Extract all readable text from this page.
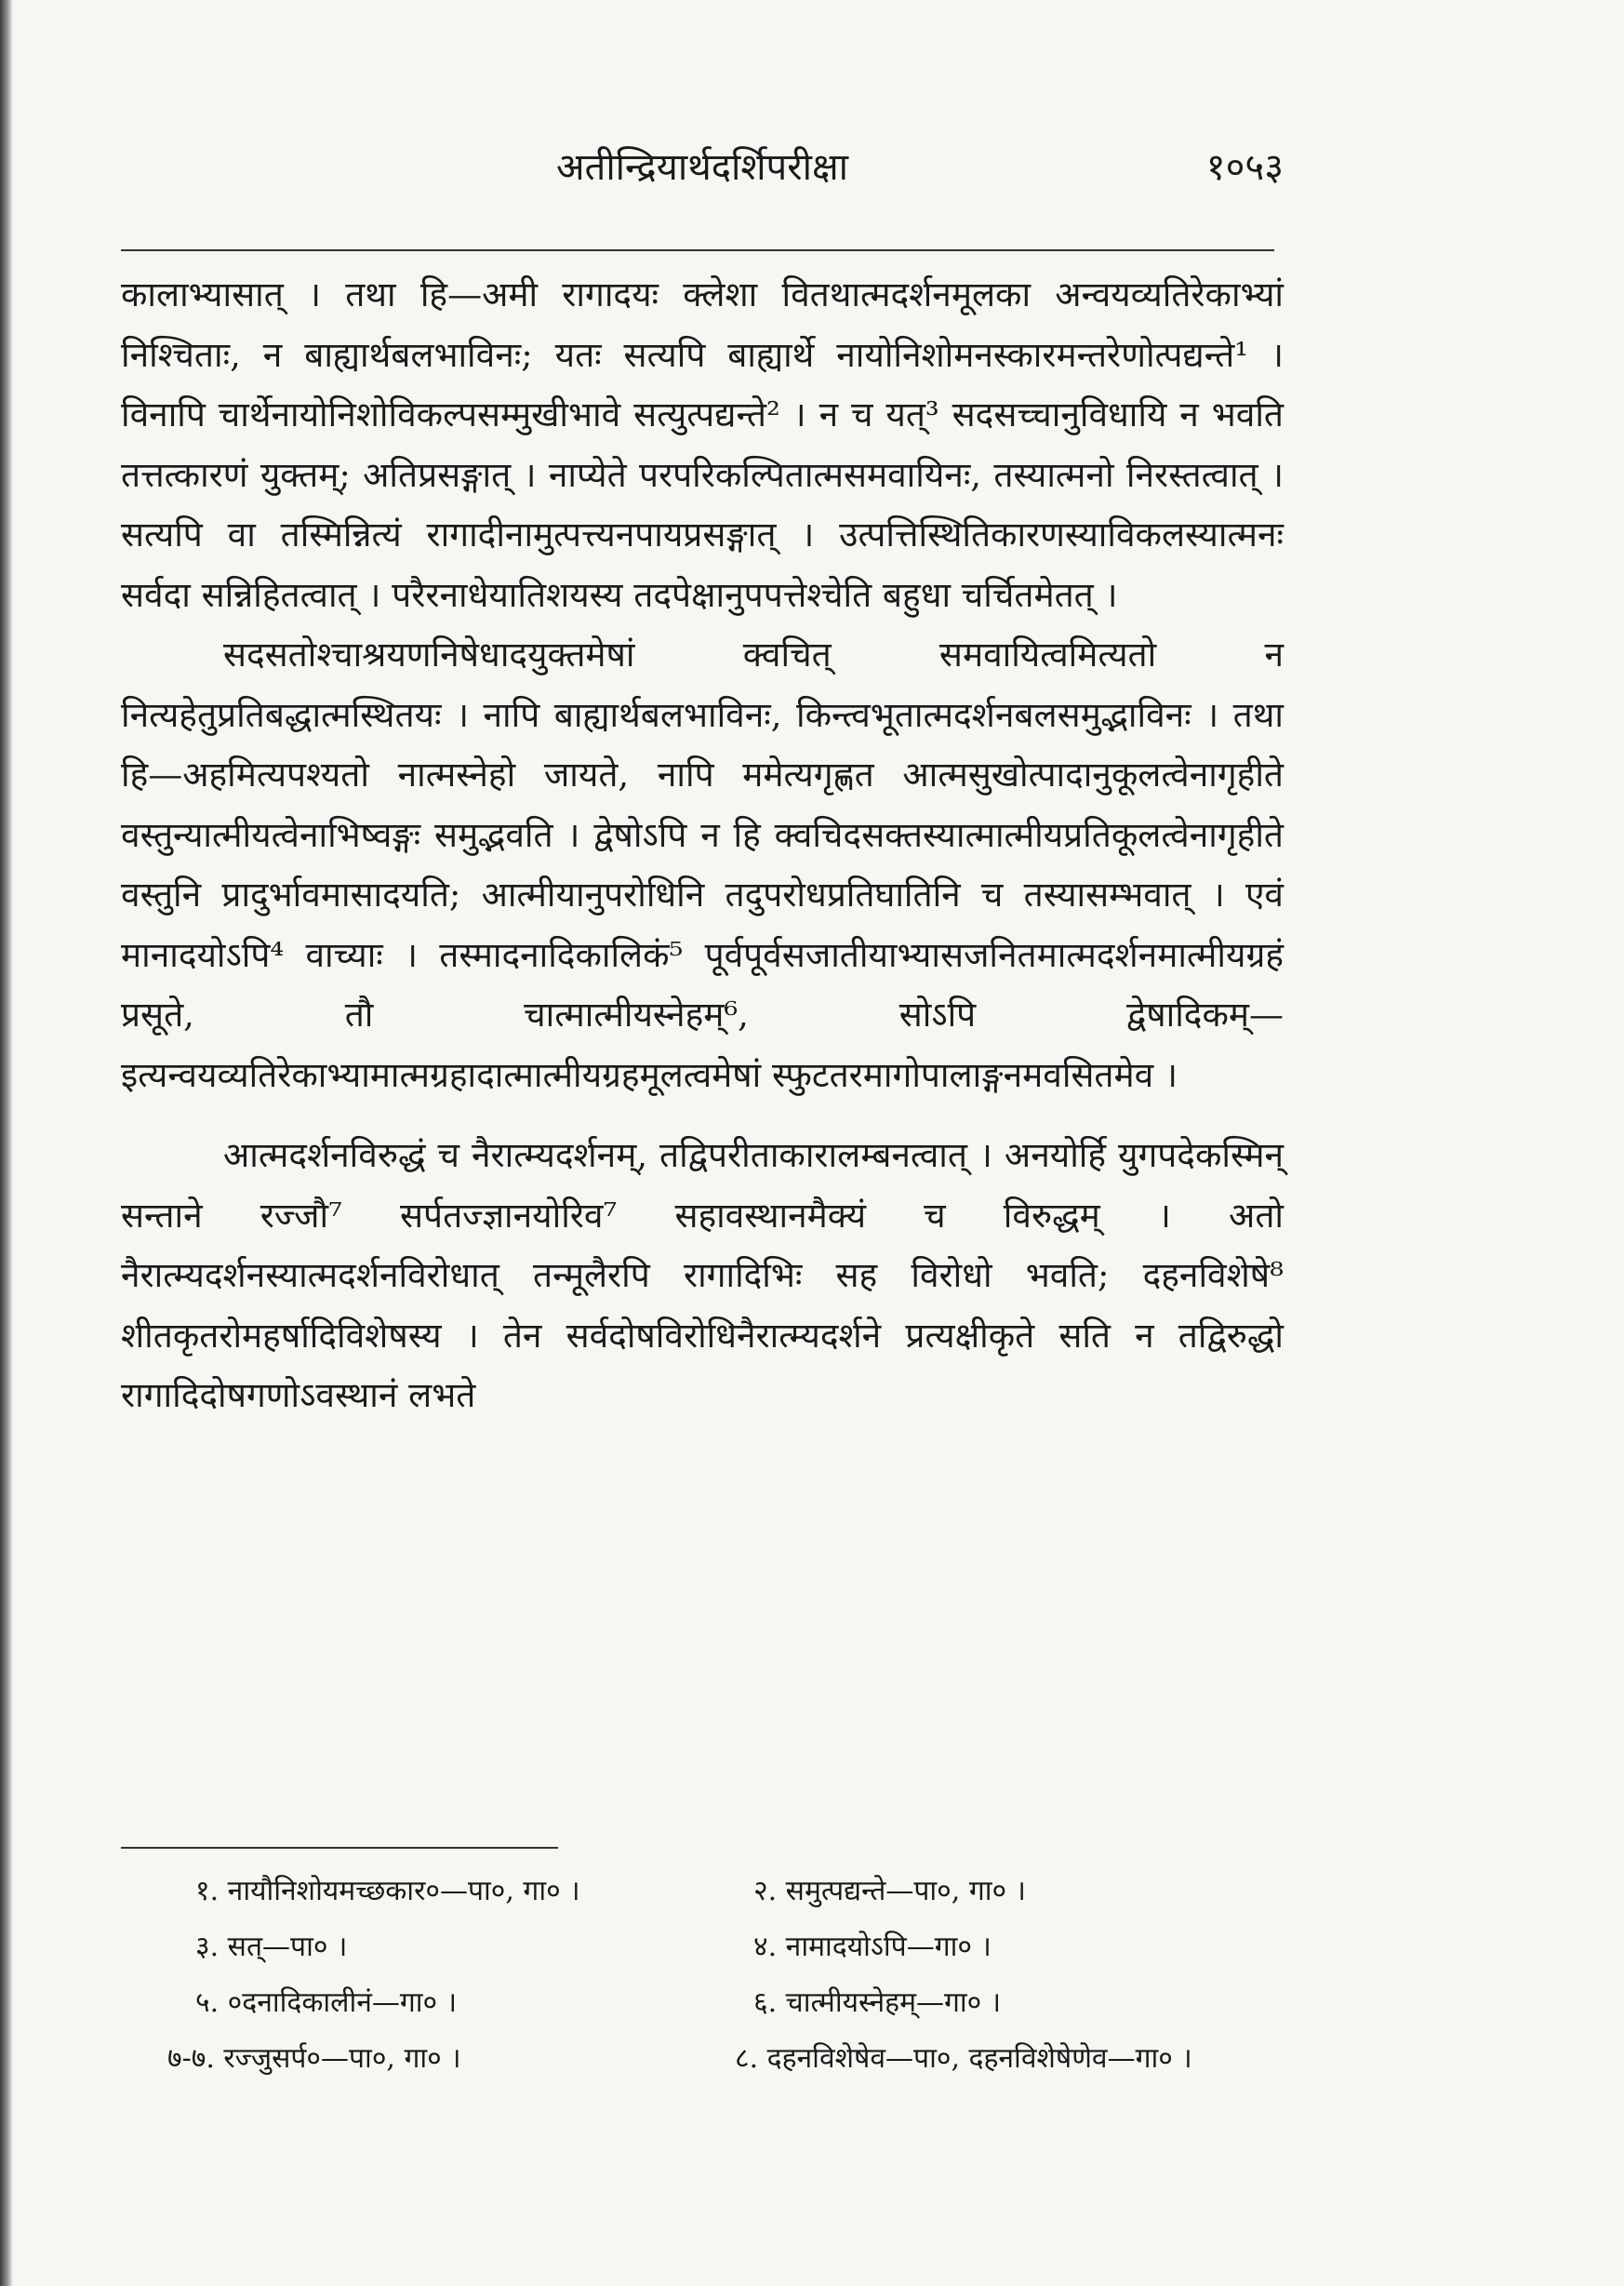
अतीन्द्रियार्थदर्शिपरीक्षा	१०५३

कालाभ्यासात् । तथा हि—अमी रागादयः क्लेशा वितथात्मदर्शनमूलका अन्वयव्यतिरेकाभ्यां निश्चिताः, न बाह्यार्थबलभाविनः; यतः सत्यपि बाह्यार्थे नायोनिशोमनस्कारमन्तरेणोत्पद्यन्ते¹ । विनापि चार्थेनायोनिशोविकल्पसम्मुखीभावे सत्युत्पद्यन्ते² । न च यत्³ सदसच्चानुविधायि न भवति तत्तत्कारणं युक्तम्; अतिप्रसङ्गात् । नाप्येते परपरिकल्पितात्मसमवायिनः, तस्यात्मनो निरस्तत्वात् । सत्यपि वा तस्मिन्नित्यं रागादीनामुत्पत्त्यनपायप्रसङ्गात् । उत्पत्तिस्थितिकारणस्याविकलस्यात्मनः सर्वदा सन्निहितत्वात् । परैरनाधेयातिशयस्य तदपेक्षानुपपत्तेश्चेति बहुधा चर्चितमेतत् ।

सदसतोश्चाश्रयणनिषेधादयुक्तमेषां क्वचित् समवायित्वमित्यतो न नित्यहेतुप्रतिबद्धात्मस्थितयः । नापि बाह्यार्थबलभाविनः, किन्त्वभूतात्मदर्शनबलसमुद्भाविनः । तथा हि—अहमित्यपश्यतो नात्मस्नेहो जायते, नापि ममेत्यगृह्णत आत्मसुखोत्पादानुकूलत्वेनागृहीते वस्तुन्यात्मीयत्वेनाभिष्वङ्गः समुद्भवति । द्वेषोऽपि न हि क्वचिदसक्तस्यात्मात्मीयप्रतिकूलत्वेनागृहीते वस्तुनि प्रादुर्भावमासादयति; आत्मीयानुपरोधिनि तदुपरोधप्रतिघातिनि च तस्यासम्भवात् । एवं मानादयोऽपि⁴ वाच्याः । तस्मादनादिकालिकं⁵ पूर्वपूर्वसजातीयाभ्यासजनितमात्मदर्शनमात्मीयग्रहं प्रसूते, तौ चात्मात्मीयस्नेहम्⁶, सोऽपि द्वेषादिकम्—इत्यन्वयव्यतिरेकाभ्यामात्मग्रहादात्मात्मीयग्रहमूलत्वमेषां स्फुटतरमागोपालाङ्गनमवसितमेव ।

आत्मदर्शनविरुद्धं च नैरात्म्यदर्शनम्, तद्विपरीताकारालम्बनत्वात् । अनयोर्हि युगपदेकस्मिन् सन्ताने रज्जौ⁷ सर्पतज्ज्ञानयोरिव⁷ सहावस्थानमैक्यं च विरुद्धम् । अतो नैरात्म्यदर्शनस्यात्मदर्शनविरोधात् तन्मूलैरपि रागादिभिः सह विरोधो भवति; दहनविशेषे⁸ शीतकृतरोमहर्षादिविशेषस्य । तेन सर्वदोषविरोधिनैरात्म्यदर्शने प्रत्यक्षीकृते सति न तद्विरुद्धो रागादिदोषगणोऽवस्थानं लभते

१. नायौनिशोयमच्छकार०—पा०, गा० ।	२. समुत्पद्यन्ते—पा०, गा० ।
३. सत्—पा० ।	४. नामादयोऽपि—गा० ।
५. ०दनादिकालीनं—गा० ।	६. चात्मीयस्नेहम्—गा० ।
७-७. रज्जुसर्प०—पा०, गा० ।	८. दहनविशेषेव—पा०, दहनविशेषेणेव—गा० ।
